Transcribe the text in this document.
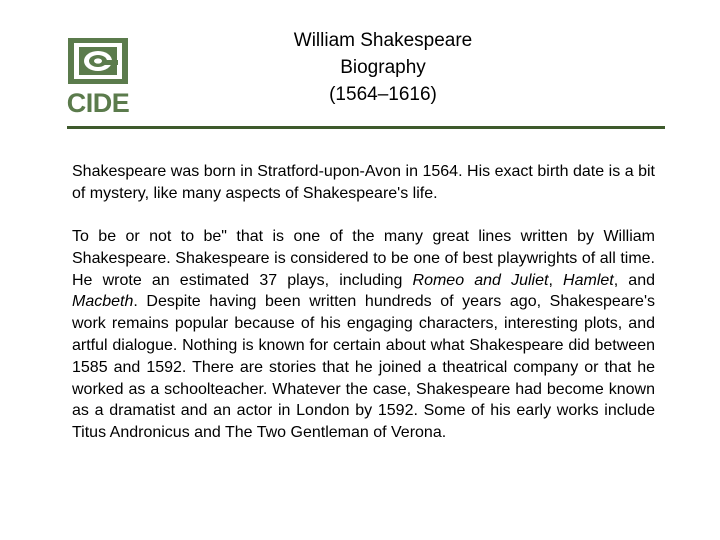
CIDE
William Shakespeare
Biography
(1564–1616)

Shakespeare was born in Stratford-upon-Avon in 1564. His exact birth date is a bit of mystery, like many aspects of Shakespeare's life.

To be or not to be" that is one of the many great lines written by William Shakespeare. Shakespeare is considered to be one of best playwrights of all time. He wrote an estimated 37 plays, including Romeo and Juliet, Hamlet, and Macbeth. Despite having been written hundreds of years ago, Shakespeare's work remains popular because of his engaging characters, interesting plots, and artful dialogue. Nothing is known for certain about what Shakespeare did between 1585 and 1592. There are stories that he joined a theatrical company or that he worked as a schoolteacher. Whatever the case, Shakespeare had become known as a dramatist and an actor in London by 1592. Some of his early works include Titus Andronicus and The Two Gentleman of Verona.
